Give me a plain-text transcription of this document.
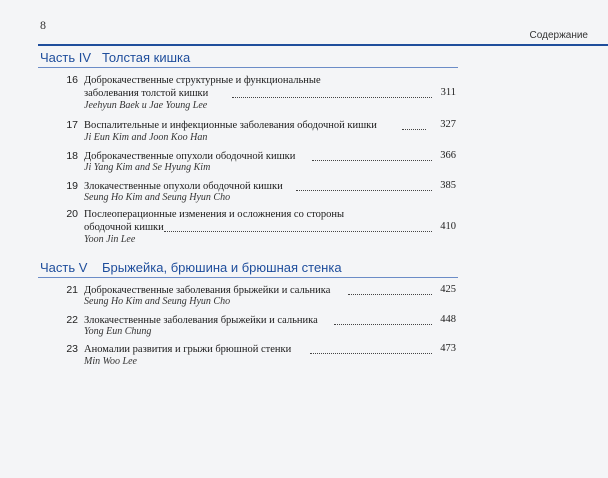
8
Содержание
Часть IV Толстая кишка
16 Доброкачественные структурные и функциональные
заболевания толстой кишки	311
Jeehyun Baek и Jae Young Lee
17 Воспалительные и инфекционные заболевания ободочной кишки	327
Ji Eun Kim and Joon Koo Han
18 Доброкачественные опухоли ободочной кишки	366
Ji Yang Kim and Se Hyung Kim
19 Злокачественные опухоли ободочной кишки	385
Seung Ho Kim and Seung Hyun Cho
20 Послеоперационные изменения и осложнения со стороны
ободочной кишки	410
Yoon Jin Lee
Часть V Брыжейка, брюшина и брюшная стенка
21 Доброкачественные заболевания брыжейки и сальника	425
Seung Ho Kim and Seung Hyun Cho
22 Злокачественные заболевания брыжейки и сальника	448
Yong Eun Chung
23 Аномалии развития и грыжи брюшной стенки	473
Min Woo Lee
